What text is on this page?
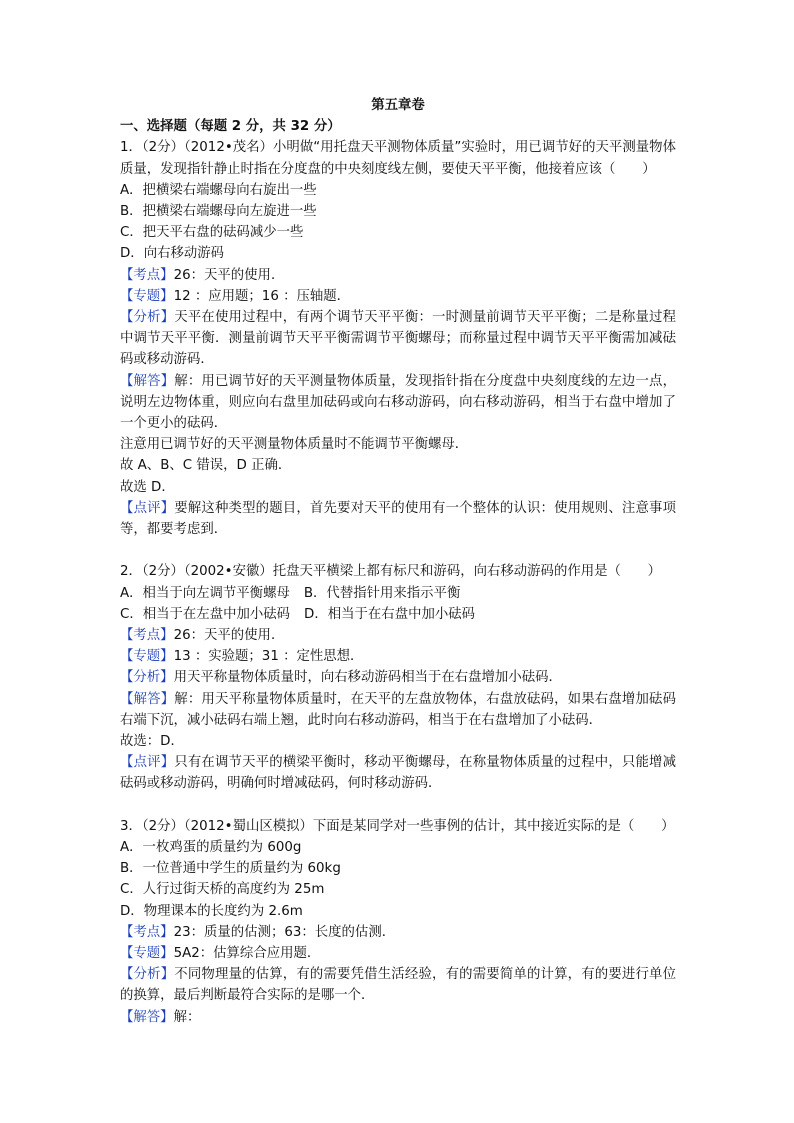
第五章卷
一、选择题（每题 2 分，共 32 分）
1．（2分）（2012•茂名）小明做“用托盘天平测物体质量”实验时，用已调节好的天平测量物体质量，发现指针静止时指在分度盘的中央刻度线左侧，要使天平平衡，他接着应该（　　）
A．把横梁右端螺母向右旋出一些
B．把横梁右端螺母向左旋进一些
C．把天平右盘的砝码减少一些
D．向右移动游码
【考点】26：天平的使用．
【专题】12 ：应用题；16 ：压轴题．
【分析】天平在使用过程中，有两个调节天平平衡：一时测量前调节天平平衡；二是称量过程中调节天平平衡．测量前调节天平平衡需调节平衡螺母；而称量过程中调节天平平衡需加减砝码或移动游码．
【解答】解：用已调节好的天平测量物体质量，发现指针指在分度盘中央刻度线的左边一点，说明左边物体重，则应向右盘里加砝码或向右移动游码，向右移动游码，相当于右盘中增加了一个更小的砝码．
注意用已调节好的天平测量物体质量时不能调节平衡螺母．
故 A、B、C 错误，D 正确．
故选 D．
【点评】要解这种类型的题目，首先要对天平的使用有一个整体的认识：使用规则、注意事项等，都要考虑到．
2．（2分）（2002•安徽）托盘天平横梁上都有标尺和游码，向右移动游码的作用是（　　）
A．相当于向左调节平衡螺母 B．代替指针用来指示平衡
C．相当于在左盘中加小砝码 D．相当于在右盘中加小砝码
【考点】26：天平的使用．
【专题】13 ：实验题；31 ：定性思想．
【分析】用天平称量物体质量时，向右移动游码相当于在右盘增加小砝码．
【解答】解：用天平称量物体质量时，在天平的左盘放物体，右盘放砝码，如果右盘增加砝码右端下沉，减小砝码右端上翘，此时向右移动游码，相当于在右盘增加了小砝码．
故选：D．
【点评】只有在调节天平的横梁平衡时，移动平衡螺母，在称量物体质量的过程中，只能增减砝码或移动游码，明确何时增减砝码，何时移动游码．
3．（2分）（2012•蜀山区模拟）下面是某同学对一些事例的估计，其中接近实际的是（　　）
A．一枚鸡蛋的质量约为 600g
B．一位普通中学生的质量约为 60kg
C．人行过街天桥的高度约为 25m
D．物理课本的长度约为 2.6m
【考点】23：质量的估测；63：长度的估测．
【专题】5A2：估算综合应用题．
【分析】不同物理量的估算，有的需要凭借生活经验，有的需要简单的计算，有的要进行单位的换算，最后判断最符合实际的是哪一个．
【解答】解：
